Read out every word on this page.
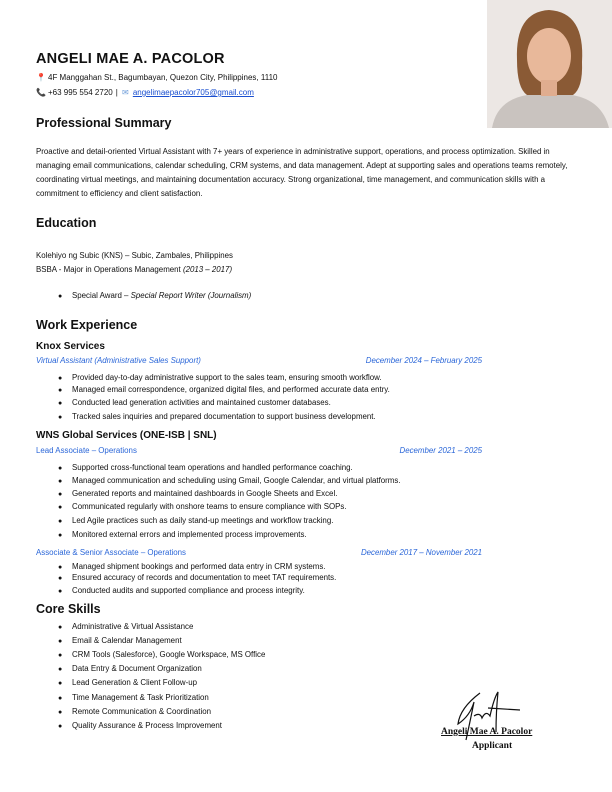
ANGELI MAE A. PACOLOR
📍 4F Manggahan St., Bagumbayan, Quezon City, Philippines, 1110
📞 +63 995 554 2720 | ✉ angelimaepacolor705@gmail.com
Professional Summary
Proactive and detail-oriented Virtual Assistant with 7+ years of experience in administrative support, operations, and process optimization. Skilled in managing email communications, calendar scheduling, CRM systems, and data management. Adept at supporting sales and operations teams remotely, coordinating virtual meetings, and maintaining documentation accuracy. Strong organizational, time management, and communication skills with a commitment to efficiency and client satisfaction.
Education
Kolehiyo ng Subic (KNS) – Subic, Zambales, Philippines
BSBA - Major in Operations Management (2013 – 2017)
● Special Award – Special Report Writer (Journalism)
Work Experience
Knox Services
Virtual Assistant (Administrative Sales Support)	December 2024 – February 2025
● Provided day-to-day administrative support to the sales team, ensuring smooth workflow.
● Managed email correspondence, organized digital files, and performed accurate data entry.
● Conducted lead generation activities and maintained customer databases.
● Tracked sales inquiries and prepared documentation to support business development.
WNS Global Services (ONE-ISB | SNL)
Lead Associate – Operations	December 2021 – 2025
● Supported cross-functional team operations and handled performance coaching.
● Managed communication and scheduling using Gmail, Google Calendar, and virtual platforms.
● Generated reports and maintained dashboards in Google Sheets and Excel.
● Communicated regularly with onshore teams to ensure compliance with SOPs.
● Led Agile practices such as daily stand-up meetings and workflow tracking.
● Monitored external errors and implemented process improvements.
Associate & Senior Associate – Operations	December 2017 – November 2021
● Managed shipment bookings and performed data entry in CRM systems.
● Ensured accuracy of records and documentation to meet TAT requirements.
● Conducted audits and supported compliance and process integrity.
Core Skills
● Administrative & Virtual Assistance
● Email & Calendar Management
● CRM Tools (Salesforce), Google Workspace, MS Office
● Data Entry & Document Organization
● Lead Generation & Client Follow-up
● Time Management & Task Prioritization
● Remote Communication & Coordination
● Quality Assurance & Process Improvement
Angeli Mae A. Pacolor
Applicant
